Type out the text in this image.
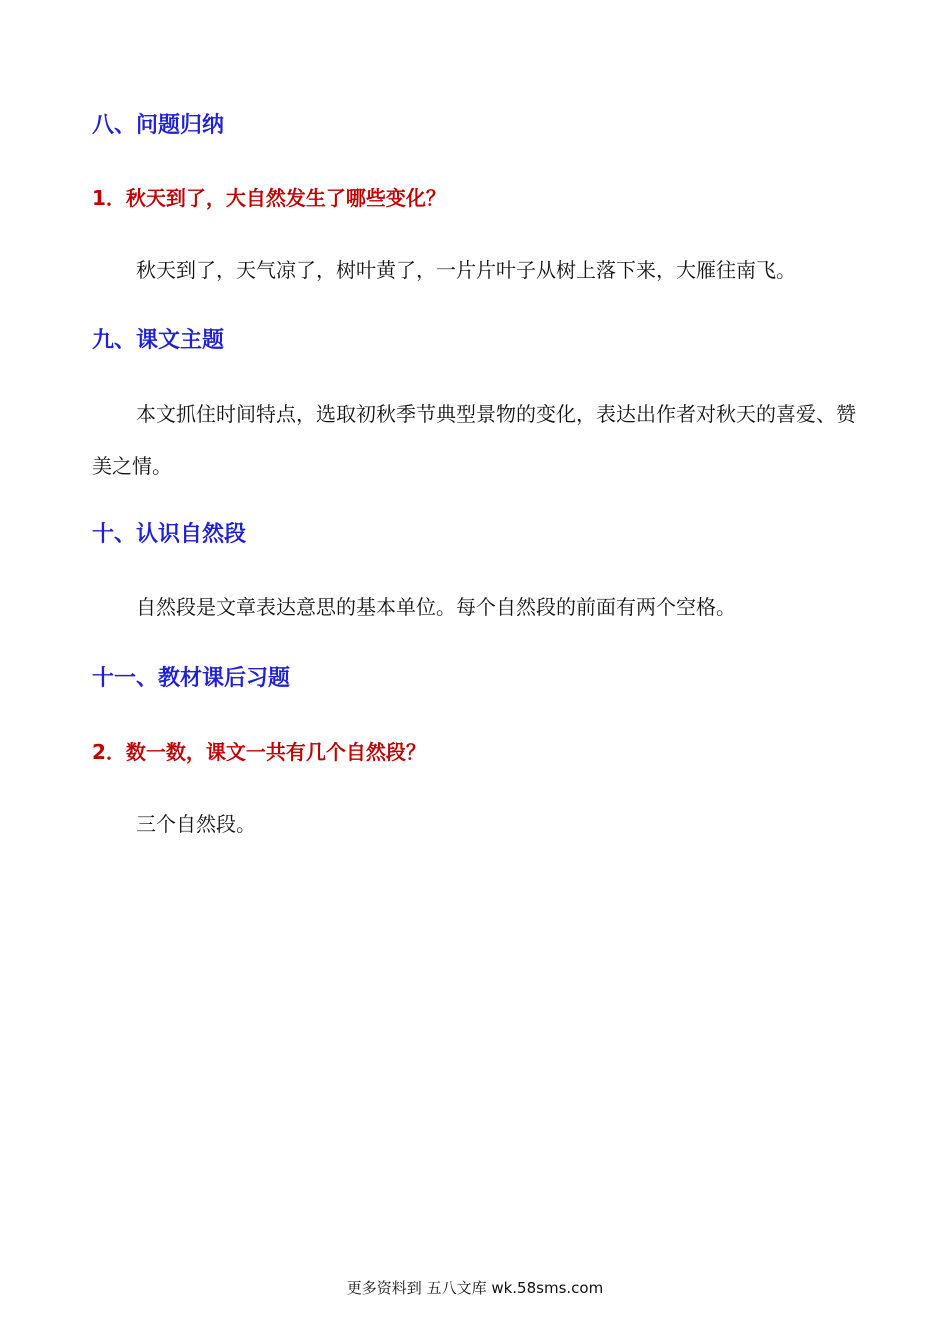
八、问题归纳
1．秋天到了，大自然发生了哪些变化？
秋天到了，天气凉了，树叶黄了，一片片叶子从树上落下来，大雁往南飞。
九、课文主题
本文抓住时间特点，选取初秋季节典型景物的变化，表达出作者对秋天的喜爱、赞美之情。
十、认识自然段
自然段是文章表达意思的基本单位。每个自然段的前面有两个空格。
十一、教材课后习题
2．数一数，课文一共有几个自然段？
三个自然段。
更多资料到 五八文库 wk.58sms.com
